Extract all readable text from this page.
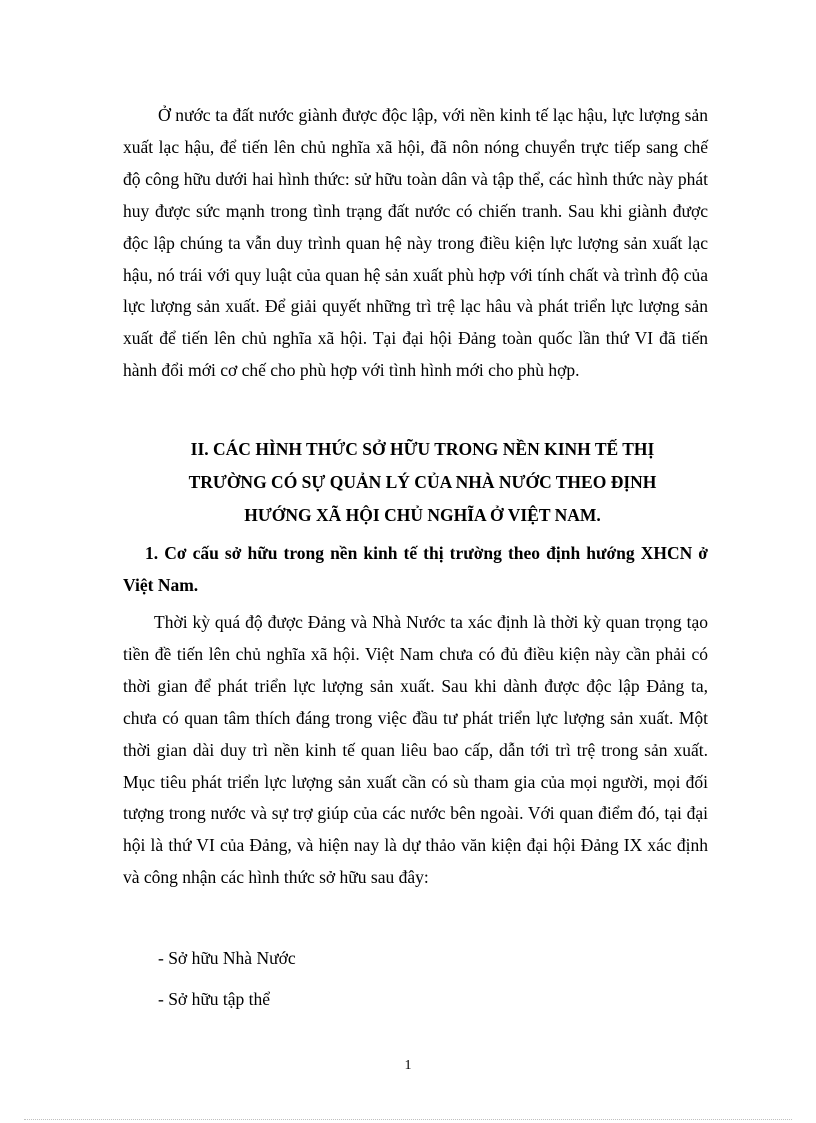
Ở nước ta đất nước giành được độc lập, với nền kinh tế lạc hậu, lực lượng sản xuất lạc hậu, để tiến lên chủ nghĩa xã hội, đã nôn nóng chuyển trực tiếp sang chế độ công hữu dưới hai hình thức: sử hữu toàn dân và tập thể, các hình thức này phát huy được sức mạnh trong tình trạng đất nước có chiến tranh. Sau khi giành được độc lập chúng ta vẫn duy trình quan hệ này trong điều kiện lực lượng sản xuất lạc hậu, nó trái với quy luật của quan hệ sản xuất phù hợp với tính chất và trình độ của lực lượng sản xuất. Để giải quyết những trì trệ lạc hâu và phát triển lực lượng sản xuất để tiến lên chủ nghĩa xã hội. Tại đại hội Đảng toàn quốc lần thứ VI đã tiến hành đổi mới cơ chế cho phù hợp với tình hình mới cho phù hợp.
II. CÁC HÌNH THỨC SỞ HỮU TRONG NỀN KINH TẾ THỊ
TRƯỜNG CÓ SỰ QUẢN LÝ CỦA NHÀ NƯỚC THEO ĐỊNH
HƯỚNG XÃ HỘI CHỦ NGHĨA Ở VIỆT NAM.
1. Cơ cấu sở hữu trong nền kinh tế thị trường theo định hướng XHCN ở Việt Nam.
Thời kỳ quá độ được Đảng và Nhà Nước ta xác định là thời kỳ quan trọng tạo tiền đề tiến lên chủ nghĩa xã hội. Việt Nam chưa có đủ điều kiện này cần phải có thời gian để phát triển lực lượng sản xuất. Sau khi dành được độc lập Đảng ta, chưa có quan tâm thích đáng trong việc đầu tư phát triển lực lượng sản xuất. Một thời gian dài duy trì nền kinh tế quan liêu bao cấp, dẫn tới trì trệ trong sản xuất. Mục tiêu phát triển lực lượng sản xuất cần có sù tham gia của mọi người, mọi đối tượng trong nước và sự trợ giúp của các nước bên ngoài. Với quan điểm đó, tại đại hội là thứ VI của Đảng, và hiện nay là dự thảo văn kiện đại hội Đảng IX xác định và công nhận các hình thức sở hữu sau đây:
- Sở hữu Nhà Nước
- Sở hữu tập thể
1
